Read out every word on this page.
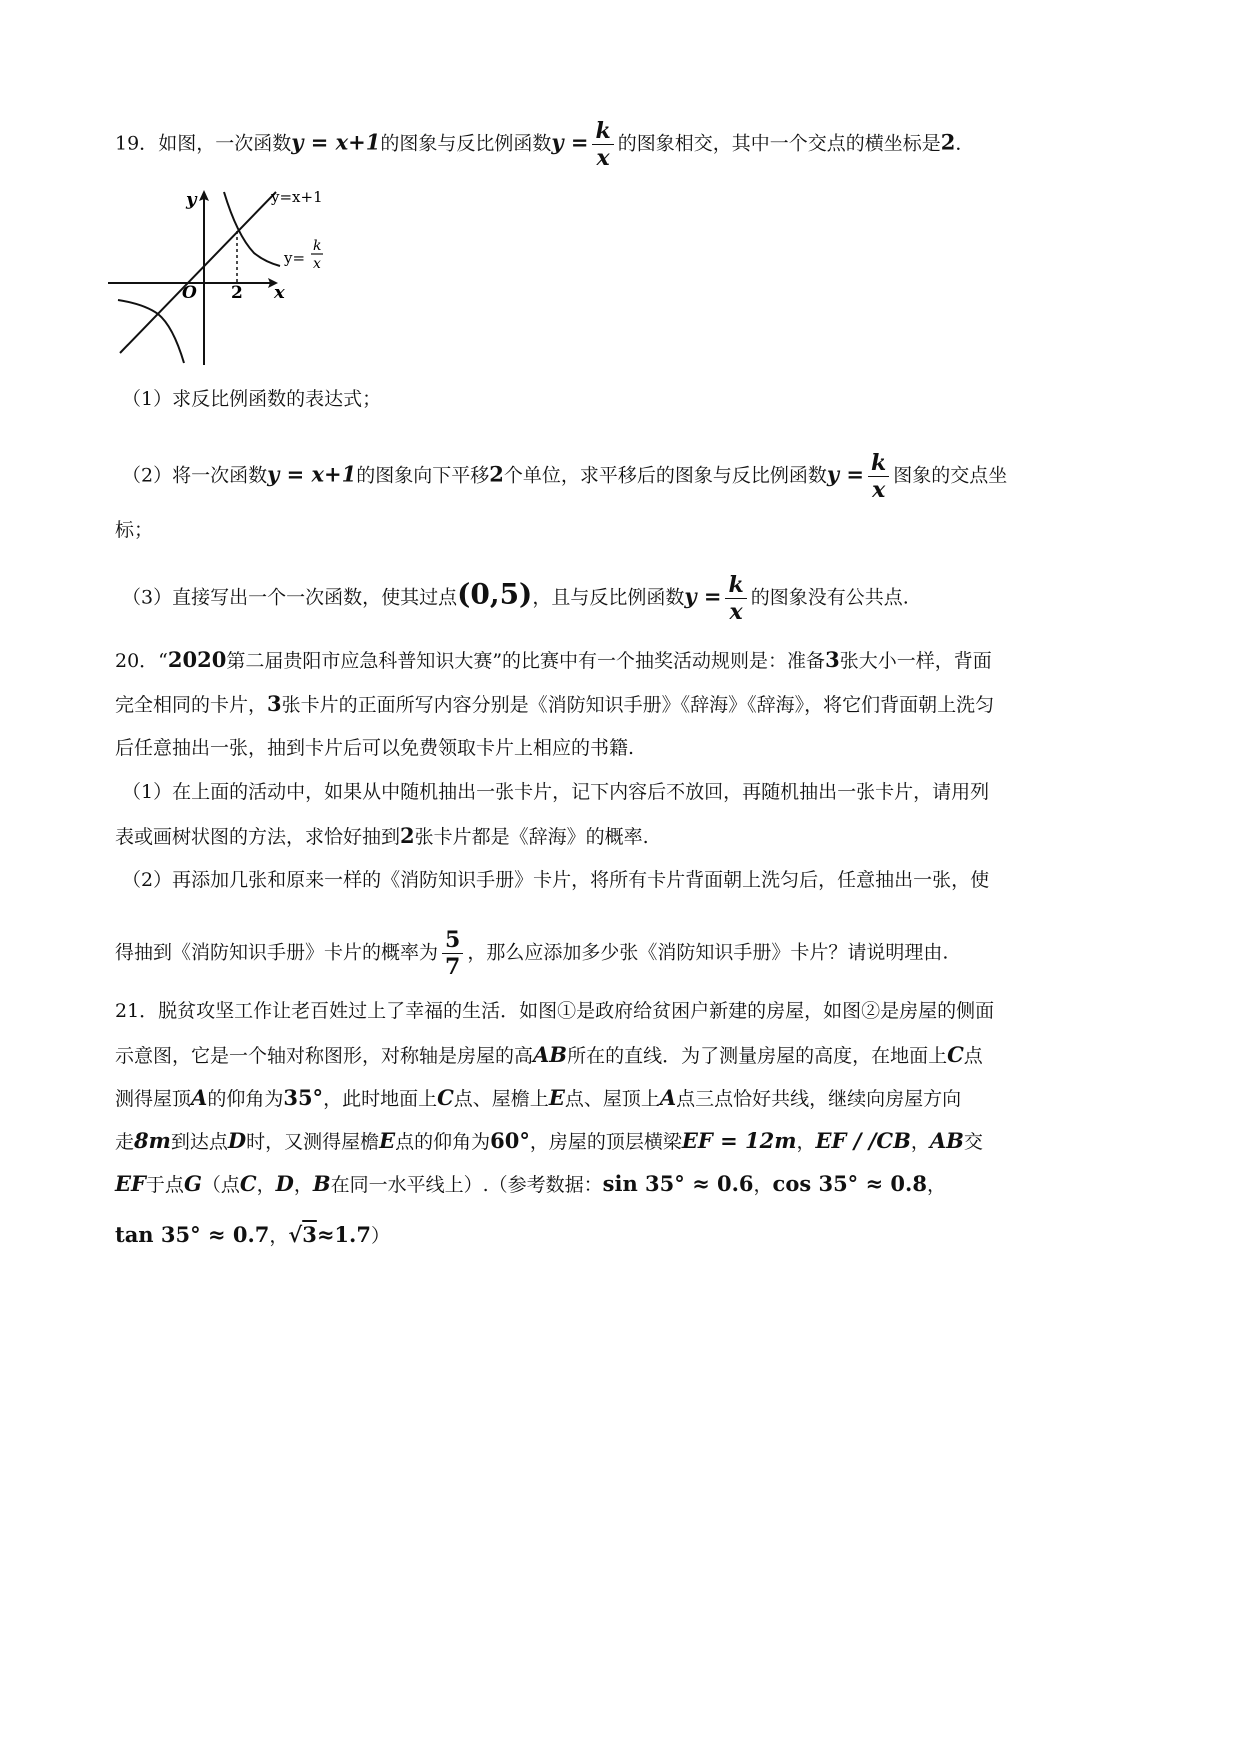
19．如图，一次函数y = x+1的图象与反比例函数$y = \frac{k}{x}$ 的图象相交，其中一个交点的横坐标是2．
y
x
O 2
y=x+1
y=
k
x
（1）求反比例函数的表达式；
（2）将一次函数y = x+1的图象向下平移2个单位，求平移后的图象与反比例函数$y = \frac{k}{x}$ 图象的交点坐
标；
（3）直接写出一个一次函数，使其过点(0,5)，且与反比例函数$y = \frac{k}{x}$ 的图象没有公共点.
20．“2020第二届贵阳市应急科普知识大赛”的比赛中有一个抽奖活动规则是：准备3张大小一样，背面
完全相同的卡片，3张卡片的正面所写内容分别是《消防知识手册》《辞海》《辞海》，将它们背面朝上洗匀
后任意抽出一张，抽到卡片后可以免费领取卡片上相应的书籍.
（1）在上面的活动中，如果从中随机抽出一张卡片，记下内容后不放回，再随机抽出一张卡片，请用列
表或画树状图的方法，求恰好抽到2张卡片都是《辞海》的概率.
（2）再添加几张和原来一样的《消防知识手册》卡片，将所有卡片背面朝上洗匀后，任意抽出一张，使
得抽到《消防知识手册》卡片的概率为 $\frac{5}{7}$ ，那么应添加多少张《消防知识手册》卡片？请说明理由.
21．脱贫攻坚工作让老百姓过上了幸福的生活．如图①是政府给贫困户新建的房屋，如图②是房屋的侧面
示意图，它是一个轴对称图形，对称轴是房屋的高AB所在的直线．为了测量房屋的高度，在地面上C点
测得屋顶A的仰角为35°，此时地面上C点、屋檐上E点、屋顶上A点三点恰好共线，继续向房屋方向
走8m到达点D时，又测得屋檐E点的仰角为60°，房屋的顶层横梁EF = 12m，EF / /CB，AB交
EF于点G（点C，D，B在同一水平线上）.（参考数据：sin 35° ≈ 0.6，cos 35° ≈ 0.8，
tan 35° ≈ 0.7，√3≈1.7）
